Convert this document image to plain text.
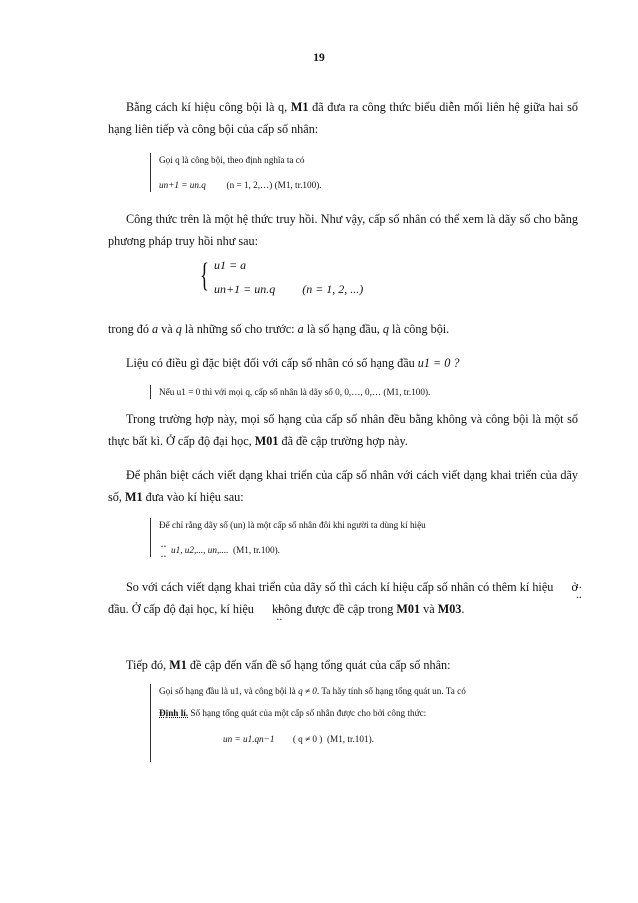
19

Bằng cách kí hiệu công bội là q, M1 đã đưa ra công thức biểu diễn mối liên hệ giữa hai số hạng liên tiếp và công bội của cấp số nhân:

Gọi q là công bội, theo định nghĩa ta có
un+1 = un.q (n = 1, 2,…) (M1, tr.100).

Công thức trên là một hệ thức truy hồi. Như vậy, cấp số nhân có thể xem là dãy số cho bằng phương pháp truy hồi như sau:

{ u1 = a
un+1 = un.q (n = 1, 2, ...)

trong đó a và q là những số cho trước: a là số hạng đầu, q là công bội.

Liệu có điều gì đặc biệt đối với cấp số nhân có số hạng đầu u1 = 0 ?

Nếu u1 = 0 thì với mọi q, cấp số nhân là dãy số 0, 0,…, 0,… (M1, tr.100).

Trong trường hợp này, mọi số hạng của cấp số nhân đều bằng không và công bội là một số thực bất kì. Ở cấp độ đại học, M01 đã đề cập trường hợp này.

Để phân biệt cách viết dạng khai triển của cấp số nhân với cách viết dạng khai triển của dãy số, M1 đưa vào kí hiệu sau:

Để chỉ rằng dãy số (un) là một cấp số nhân đôi khi người ta dùng kí hiệu
·· ··u1, u2,..., un,.... (M1, tr.100).

So với cách viết dạng khai triển của dãy số thì cách kí hiệu cấp số nhân có thêm kí hiệu ·· ·· ở đầu. Ở cấp độ đại học, kí hiệu ·· ·· không được đề cập trong M01 và M03.

Tiếp đó, M1 đề cập đến vấn đề số hạng tổng quát của cấp số nhân:

Gọi số hạng đầu là u1, và công bội là q ≠ 0. Ta hãy tính số hạng tổng quát un. Ta có
Định lí. Số hạng tổng quát của một cấp số nhân được cho bởi công thức:
un = u1.qn−1 ( q ≠ 0 ) (M1, tr.101).
